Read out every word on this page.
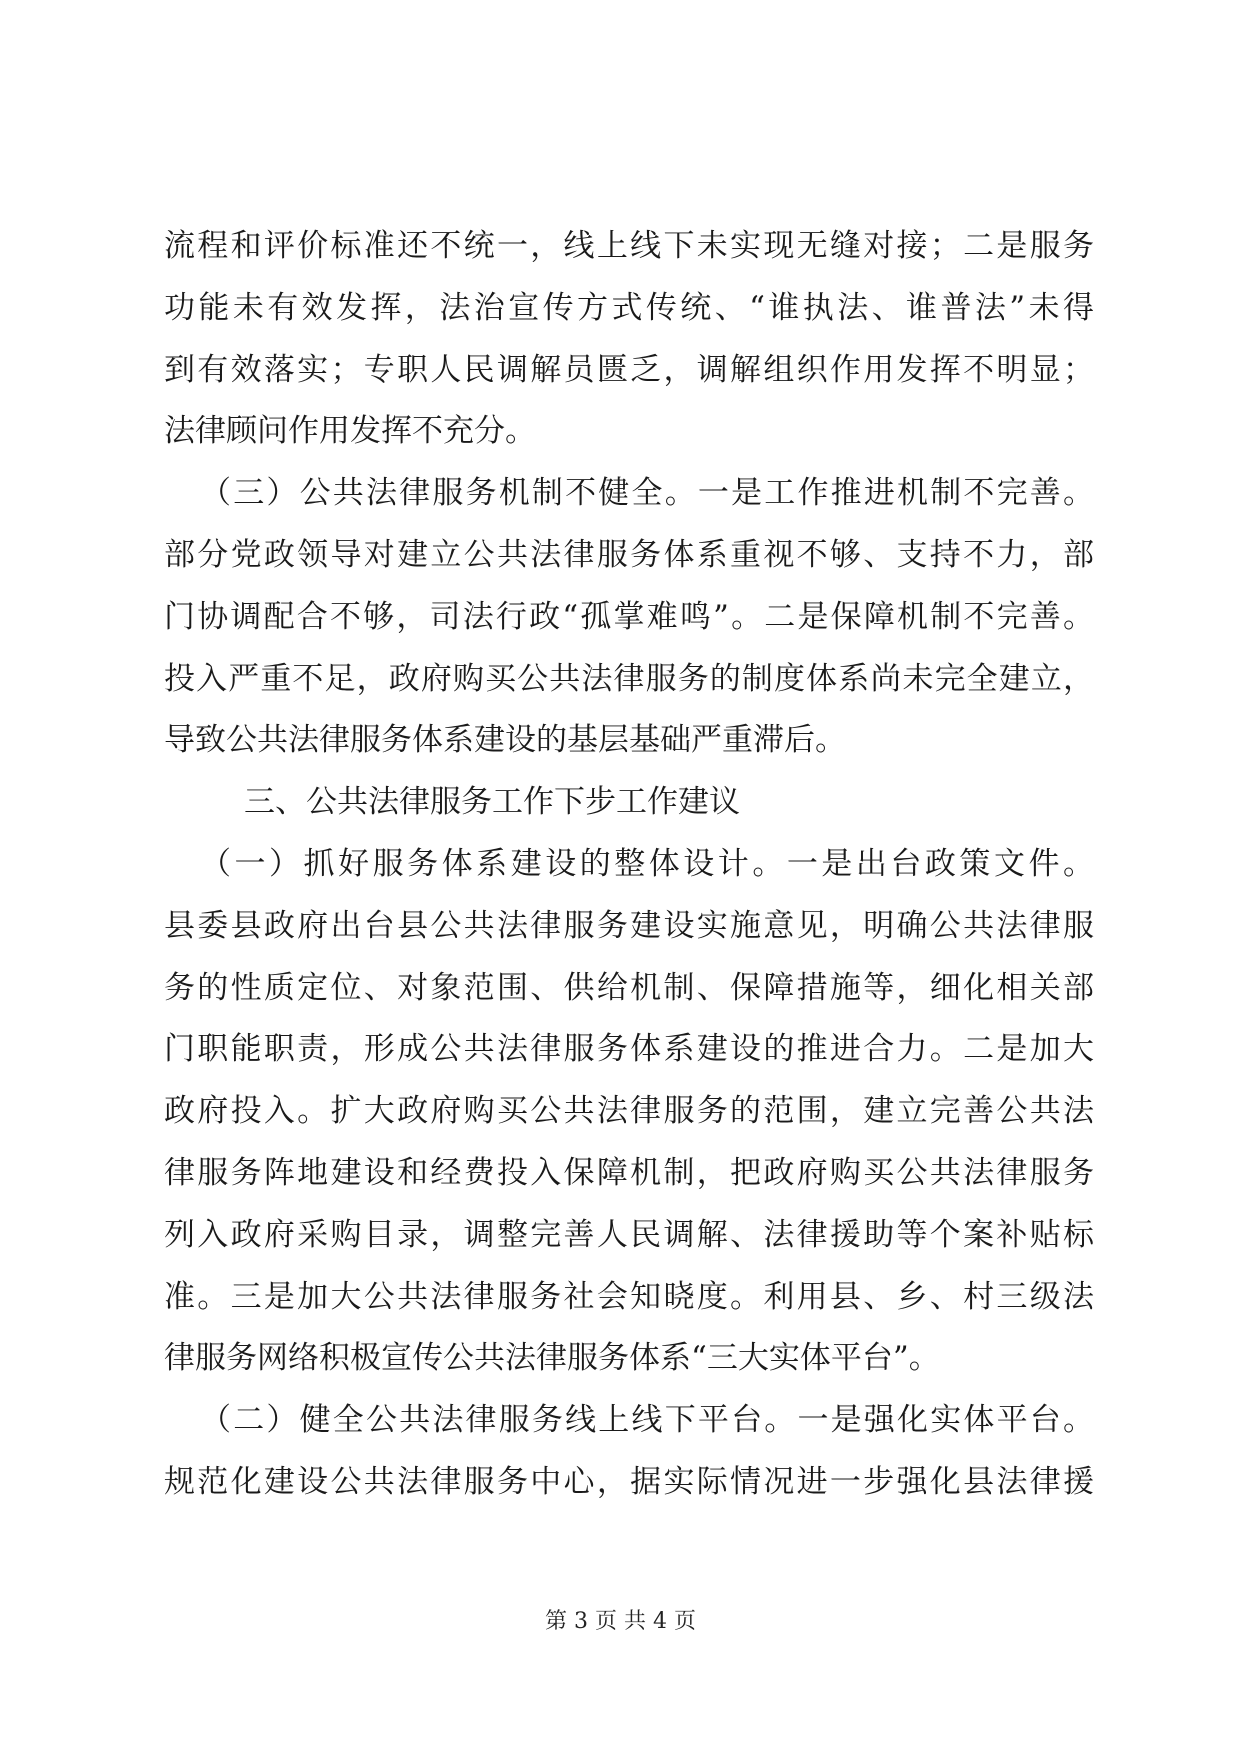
流程和评价标准还不统一，线上线下未实现无缝对接；二是服务
功能未有效发挥，法治宣传方式传统、“谁执法、谁普法”未得
到有效落实；专职人民调解员匮乏，调解组织作用发挥不明显；
法律顾问作用发挥不充分。
（三）公共法律服务机制不健全。一是工作推进机制不完善。
部分党政领导对建立公共法律服务体系重视不够、支持不力，部
门协调配合不够，司法行政“孤掌难鸣”。二是保障机制不完善。
投入严重不足，政府购买公共法律服务的制度体系尚未完全建立，
导致公共法律服务体系建设的基层基础严重滞后。
三、公共法律服务工作下步工作建议
（一）抓好服务体系建设的整体设计。一是出台政策文件。
县委县政府出台县公共法律服务建设实施意见，明确公共法律服
务的性质定位、对象范围、供给机制、保障措施等，细化相关部
门职能职责，形成公共法律服务体系建设的推进合力。二是加大
政府投入。扩大政府购买公共法律服务的范围，建立完善公共法
律服务阵地建设和经费投入保障机制，把政府购买公共法律服务
列入政府采购目录，调整完善人民调解、法律援助等个案补贴标
准。三是加大公共法律服务社会知晓度。利用县、乡、村三级法
律服务网络积极宣传公共法律服务体系“三大实体平台”。
（二）健全公共法律服务线上线下平台。一是强化实体平台。
规范化建设公共法律服务中心，据实际情况进一步强化县法律援
第 3 页 共 4 页
